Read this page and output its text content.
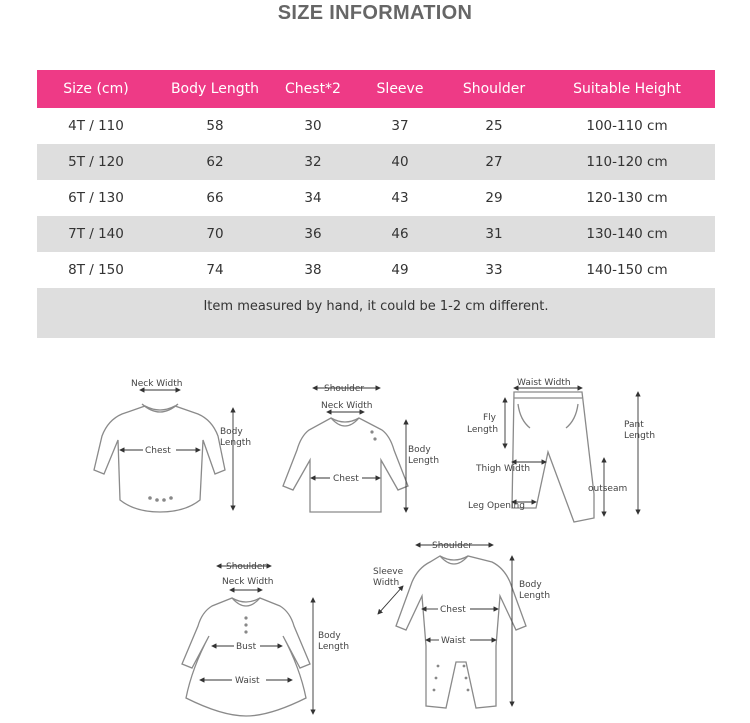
SIZE INFORMATION
Size (cm)	Body Length	Chest*2	Sleeve	Shoulder	Suitable Height
4T / 110	58	30	37	25	100-110 cm
5T / 120	62	32	40	27	110-120 cm
6T / 130	66	34	43	29	120-130 cm
7T / 140	70	36	46	31	130-140 cm
8T / 150	74	38	49	33	140-150 cm
Item measured by hand, it could be 1-2 cm different.					
Neck Width
Chest
Body
Length
Shoulder
Neck Width
Chest
Body
Length
Waist Width
Fly
Length	Pant
Length
Thigh Width
outseam
Leg Opening
Shoulder
Neck Width
Bust
Waist
Body
Length
Shoulder
Sleeve
Width
Chest
Waist
Body
Length
